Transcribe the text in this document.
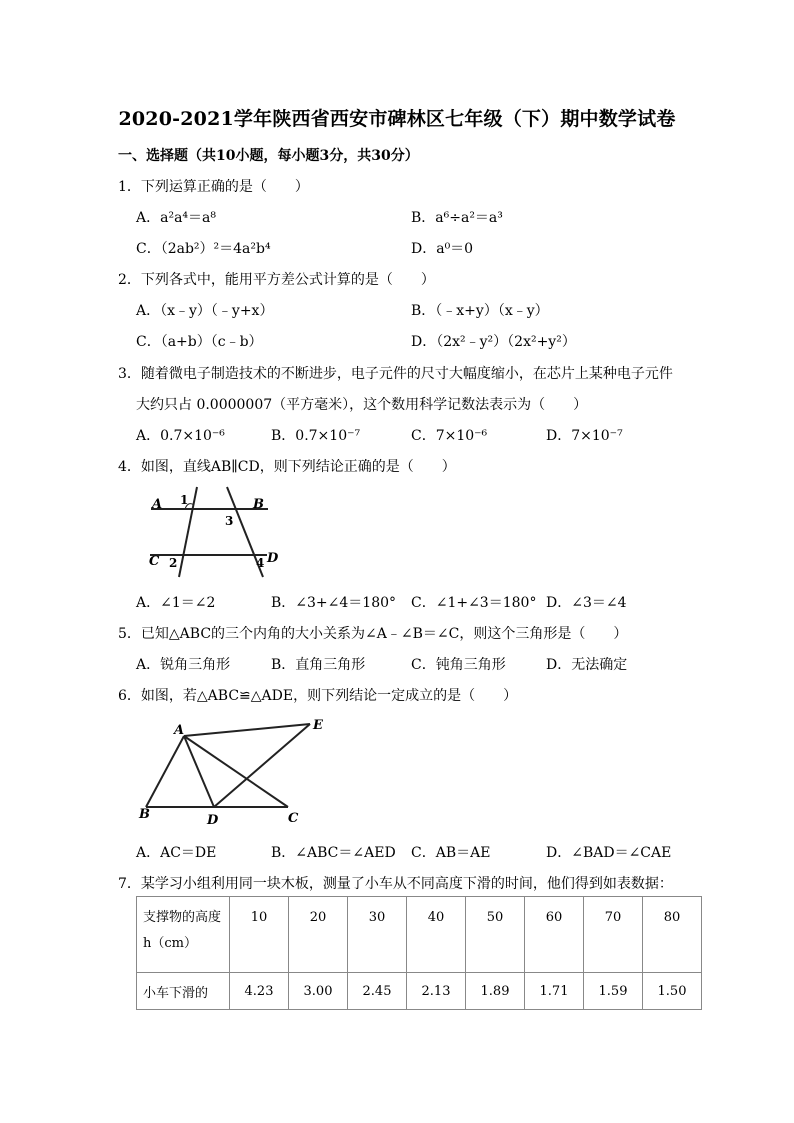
2020-2021学年陕西省西安市碑林区七年级（下）期中数学试卷
一、选择题（共10小题，每小题3分，共30分）
1．下列运算正确的是（　　）
A．a²a⁴＝a⁸	B．a⁶÷a²＝a³
C．（2ab²）²＝4a²b⁴	D．a⁰＝0
2．下列各式中，能用平方差公式计算的是（　　）
A．（x﹣y）（﹣y+x）	B．（﹣x+y）（x﹣y）
C．（a+b）（c﹣b）	D．（2x²﹣y²）（2x²+y²）
3．随着微电子制造技术的不断进步，电子元件的尺寸大幅度缩小，在芯片上某种电子元件
大约只占 0.0000007（平方毫米），这个数用科学记数法表示为（　　）
A．0.7×10⁻⁶	B．0.7×10⁻⁷	C．7×10⁻⁶	D．7×10⁻⁷
4．如图，直线AB∥CD，则下列结论正确的是（　　）
A	B
C	D
1
2
3
4
A．∠1＝∠2	B．∠3+∠4＝180° C．∠1+∠3＝180° D．∠3＝∠4
5．已知△ABC的三个内角的大小关系为∠A﹣∠B＝∠C，则这个三角形是（　　）
A．锐角三角形	B．直角三角形	C．钝角三角形	D．无法确定
6．如图，若△ABC≌△ADE，则下列结论一定成立的是（　　）
A
B	C
D
E
A．AC＝DE	B．∠ABC＝∠AED C．AB＝AE	D．∠BAD＝∠CAE
7．某学习小组利用同一块木板，测量了小车从不同高度下滑的时间，他们得到如表数据：
支撑物的高度h（cm）	10	20	30	40	50	60	70	80
小车下滑的	4.23	3.00	2.45	2.13	1.89	1.71	1.59	1.50
